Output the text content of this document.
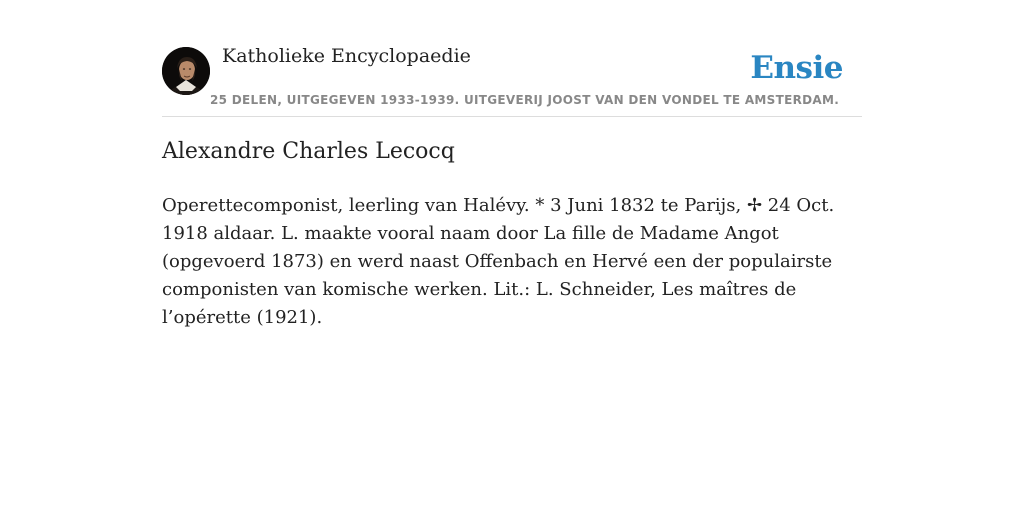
Katholieke Encyclopaedie
25 DELEN, UITGEGEVEN 1933-1939. UITGEVERIJ JOOST VAN DEN VONDEL TE AMSTERDAM.
Ensie
Alexandre Charles Lecocq

Operettecomponist, leerling van Halévy. * 3 Juni 1832 te Parijs, ✢ 24 Oct. 1918 aldaar. L. maakte vooral naam door La fille de Madame Angot (opgevoerd 1873) en werd naast Offenbach en Hervé een der populairste componisten van komische werken. Lit.: L. Schneider, Les maîtres de l’opérette (1921).
